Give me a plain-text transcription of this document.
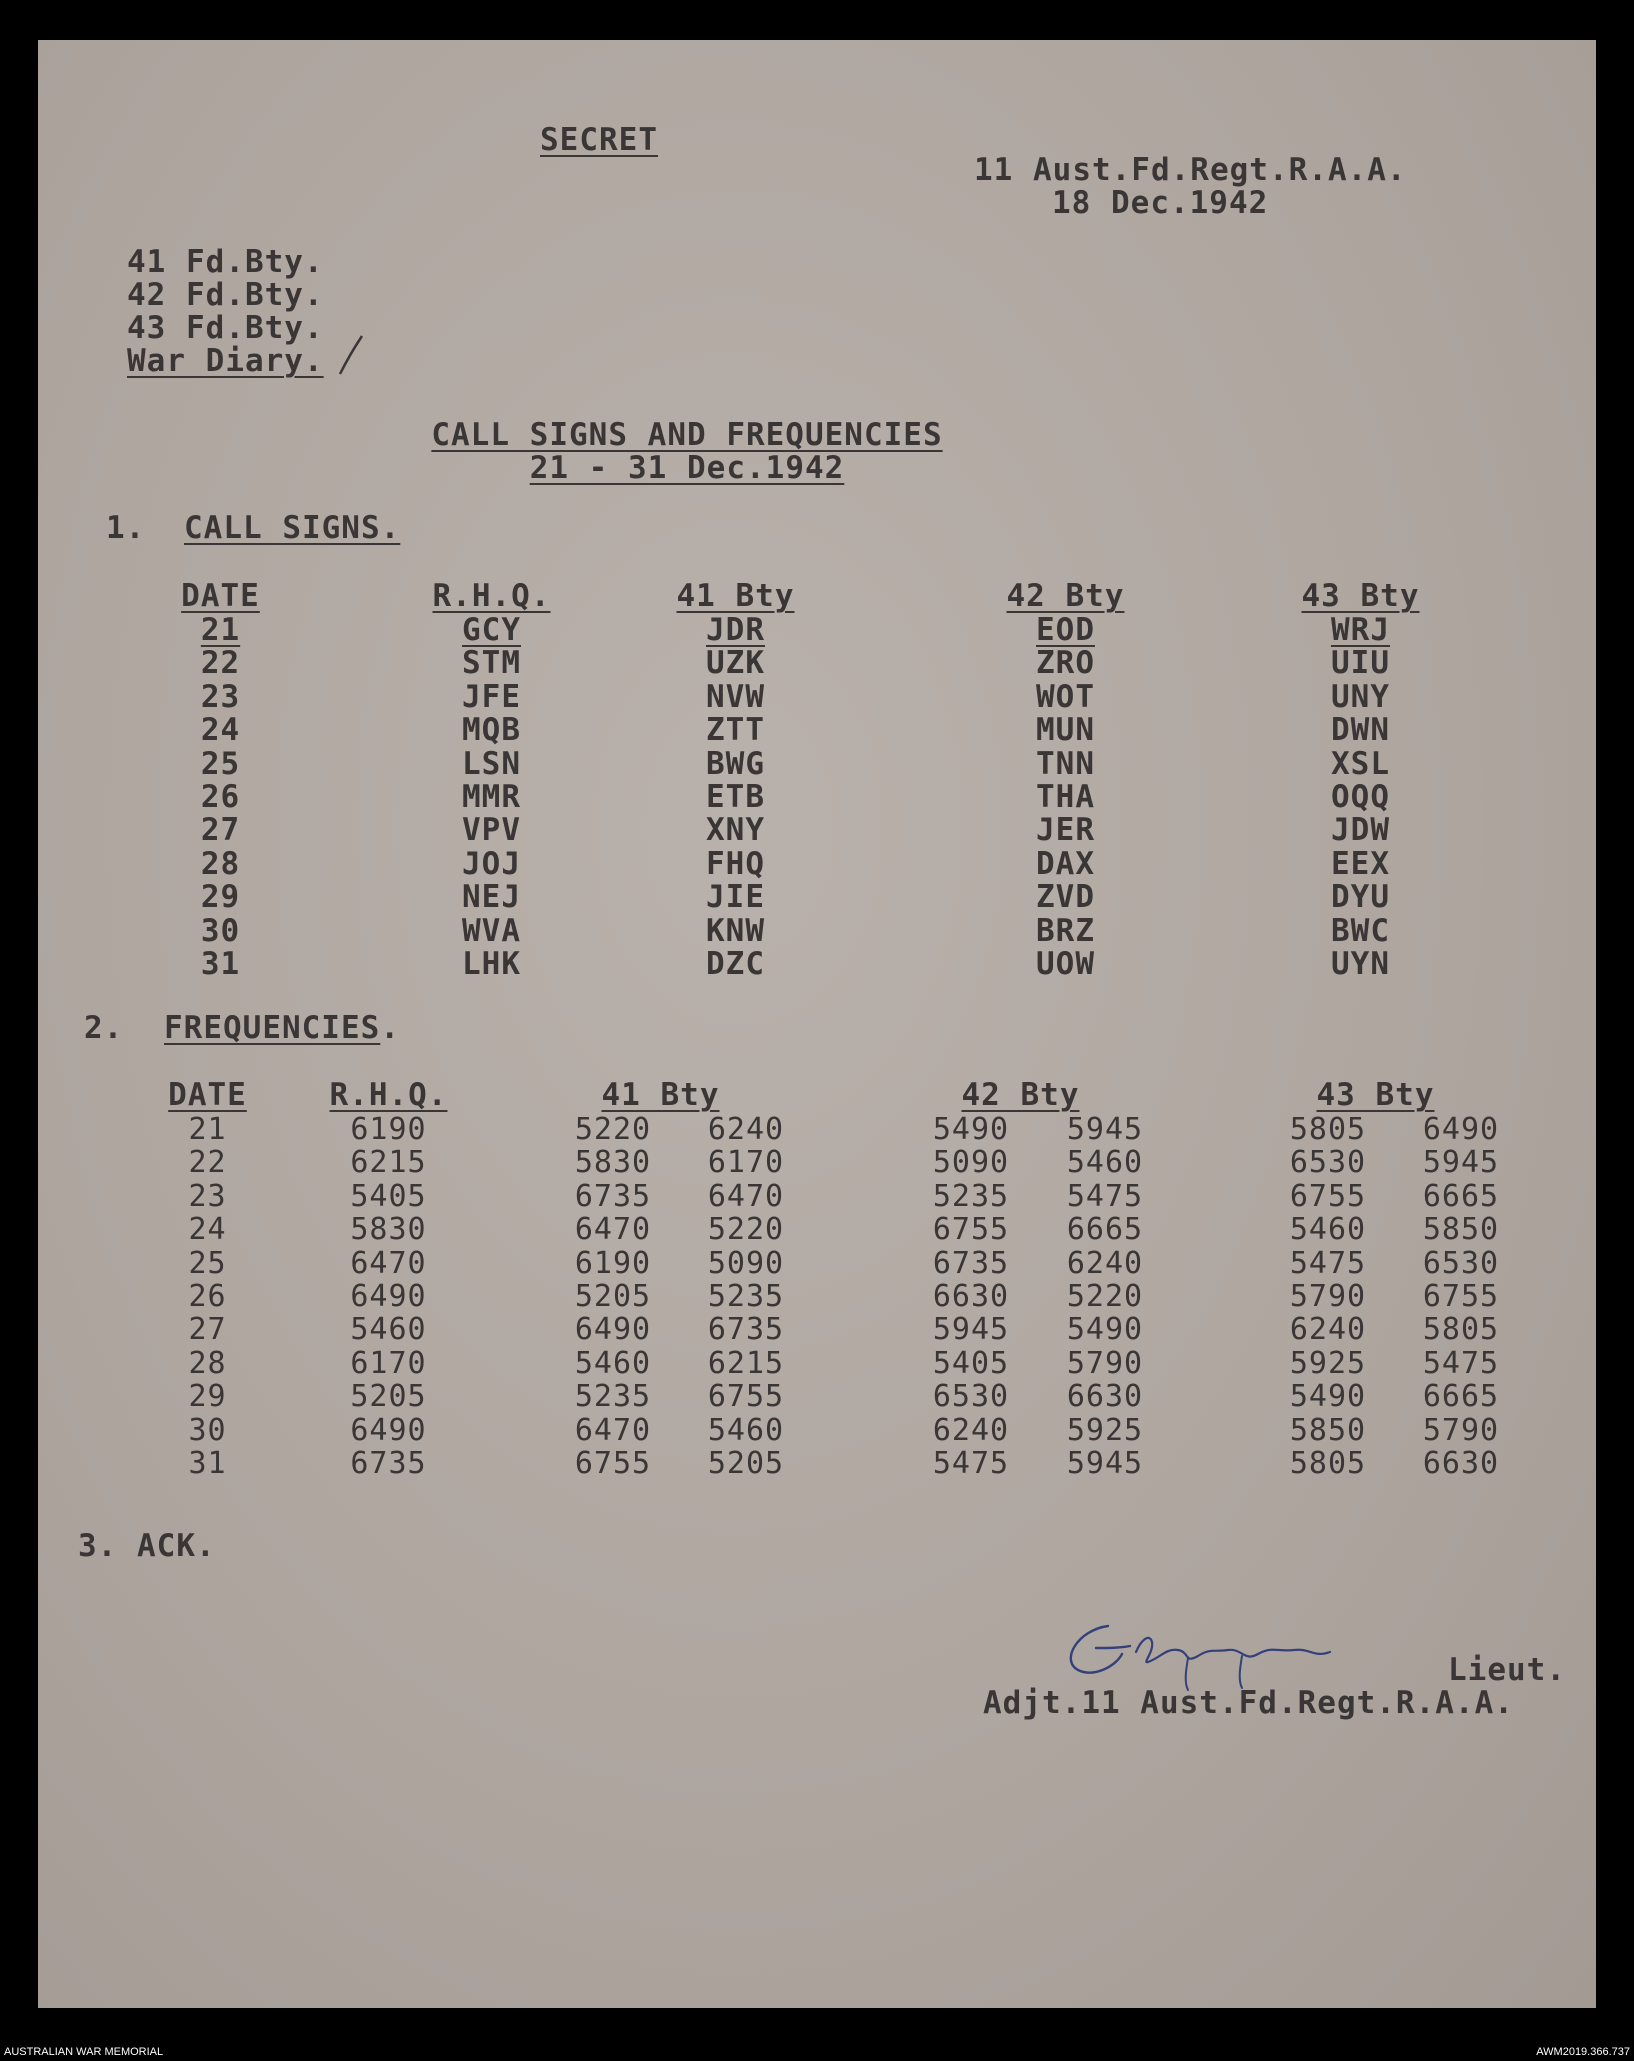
SECRET
11 Aust.Fd.Regt.R.A.A.
18 Dec.1942
41 Fd.Bty.
42 Fd.Bty.
43 Fd.Bty.
War Diary.
CALL SIGNS AND FREQUENCIES
21 - 31 Dec.1942
1. CALL SIGNS.
DATE	R.H.Q.	41 Bty	42 Bty	43 Bty
21	GCY	JDR	EOD	WRJ
22	STM	UZK	ZRO	UIU
23	JFE	NVW	WOT	UNY
24	MQB	ZTT	MUN	DWN
25	LSN	BWG	TNN	XSL
26	MMR	ETB	THA	OQQ
27	VPV	XNY	JER	JDW
28	JOJ	FHQ	DAX	EEX
29	NEJ	JIE	ZVD	DYU
30	WVA	KNW	BRZ	BWC
31	LHK	DZC	UOW	UYN
2. FREQUENCIES.
DATE	R.H.Q.	41 Bty	42 Bty	43 Bty
21	6190	5220 6240	5490 5945	5805 6490
22	6215	5830 6170	5090 5460	6530 5945
23	5405	6735 6470	5235 5475	6755 6665
24	5830	6470 5220	6755 6665	5460 5850
25	6470	6190 5090	6735 6240	5475 6530
26	6490	5205 5235	6630 5220	5790 6755
27	5460	6490 6735	5945 5490	6240 5805
28	6170	5460 6215	5405 5790	5925 5475
29	5205	5235 6755	6530 6630	5490 6665
30	6490	6470 5460	6240 5925	5850 5790
31	6735	6755 5205	5475 5945	5805 6630
3. ACK.
Lieut.
Adjt.11 Aust.Fd.Regt.R.A.A.
AUSTRALIAN WAR MEMORIAL	AWM2019.366.737
